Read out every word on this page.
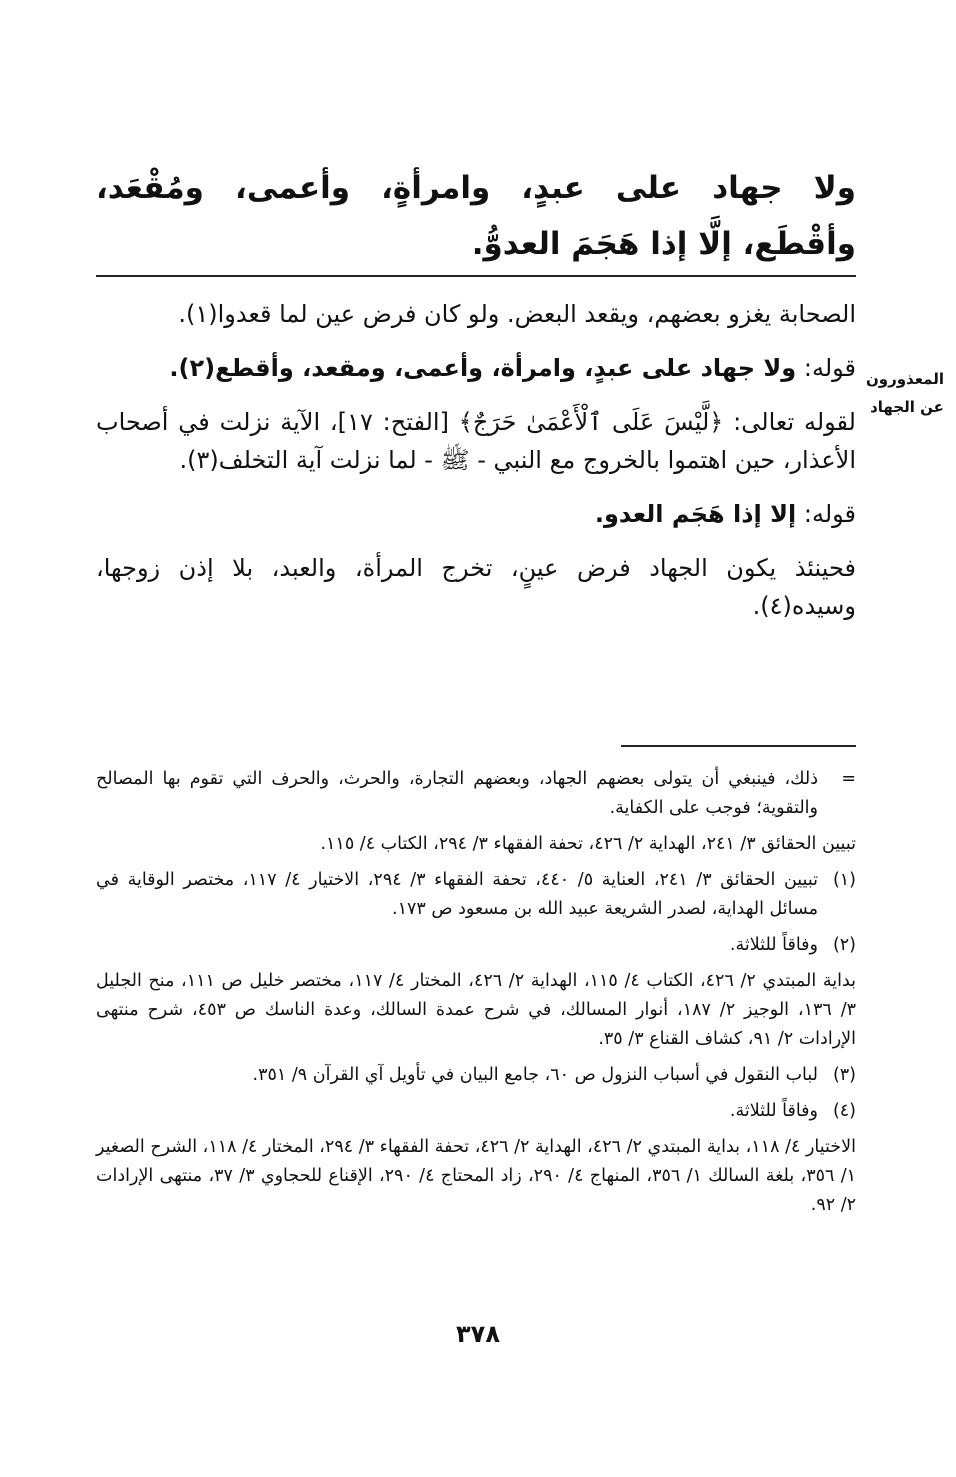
ولا جهاد على عبدٍ، وامرأةٍ، وأعمى، ومُقْعَد، وأقْطَع، إلَّا إذا هَجَمَ العدوُّ.
المعذورون
عن الجهاد

الصحابة يغزو بعضهم، ويقعد البعض. ولو كان فرض عين لما قعدوا(١).

قوله: ولا جهاد على عبدٍ، وامرأة، وأعمى، ومقعد، وأقطع(٢).

لقوله تعالى: ﴿لَّيْسَ عَلَى ٱلْأَعْمَىٰ حَرَجٌ﴾ [الفتح: ١٧]، الآية نزلت في أصحاب الأعذار، حين اهتموا بالخروج مع النبي - ﷺ - لما نزلت آية التخلف(٣).

قوله: إلا إذا هَجَم العدو.

فحينئذ يكون الجهاد فرض عينٍ، تخرج المرأة، والعبد، بلا إذن زوجها، وسيده(٤).

=
ذلك، فينبغي أن يتولى بعضهم الجهاد، وبعضهم التجارة، والحرث، والحرف التي تقوم بها المصالح والتقوية؛ فوجب على الكفاية.
تبيين الحقائق ٣/ ٢٤١، الهداية ٢/ ٤٢٦، تحفة الفقهاء ٣/ ٢٩٤، الكتاب ٤/ ١١٥.
(١)
تبيين الحقائق ٣/ ٢٤١، العناية ٥/ ٤٤٠، تحفة الفقهاء ٣/ ٢٩٤، الاختيار ٤/ ١١٧، مختصر الوقاية في مسائل الهداية، لصدر الشريعة عبيد الله بن مسعود ص ١٧٣.
(٢)
وفاقاً للثلاثة.
بداية المبتدي ٢/ ٤٢٦، الكتاب ٤/ ١١٥، الهداية ٢/ ٤٢٦، المختار ٤/ ١١٧، مختصر خليل ص ١١١، منح الجليل ٣/ ١٣٦، الوجيز ٢/ ١٨٧، أنوار المسالك، في شرح عمدة السالك، وعدة الناسك ص ٤٥٣، شرح منتهى الإرادات ٢/ ٩١، كشاف القناع ٣/ ٣٥.
(٣)
لباب النقول في أسباب النزول ص ٦٠، جامع البيان في تأويل آي القرآن ٩/ ٣٥١.
(٤)
وفاقاً للثلاثة.
الاختيار ٤/ ١١٨، بداية المبتدي ٢/ ٤٢٦، الهداية ٢/ ٤٢٦، تحفة الفقهاء ٣/ ٢٩٤، المختار ٤/ ١١٨، الشرح الصغير ١/ ٣٥٦، بلغة السالك ١/ ٣٥٦، المنهاج ٤/ ٢٩٠، زاد المحتاج ٤/ ٢٩٠، الإقناع للحجاوي ٣/ ٣٧، منتهى الإرادات ٢/ ٩٢.
٣٧٨
